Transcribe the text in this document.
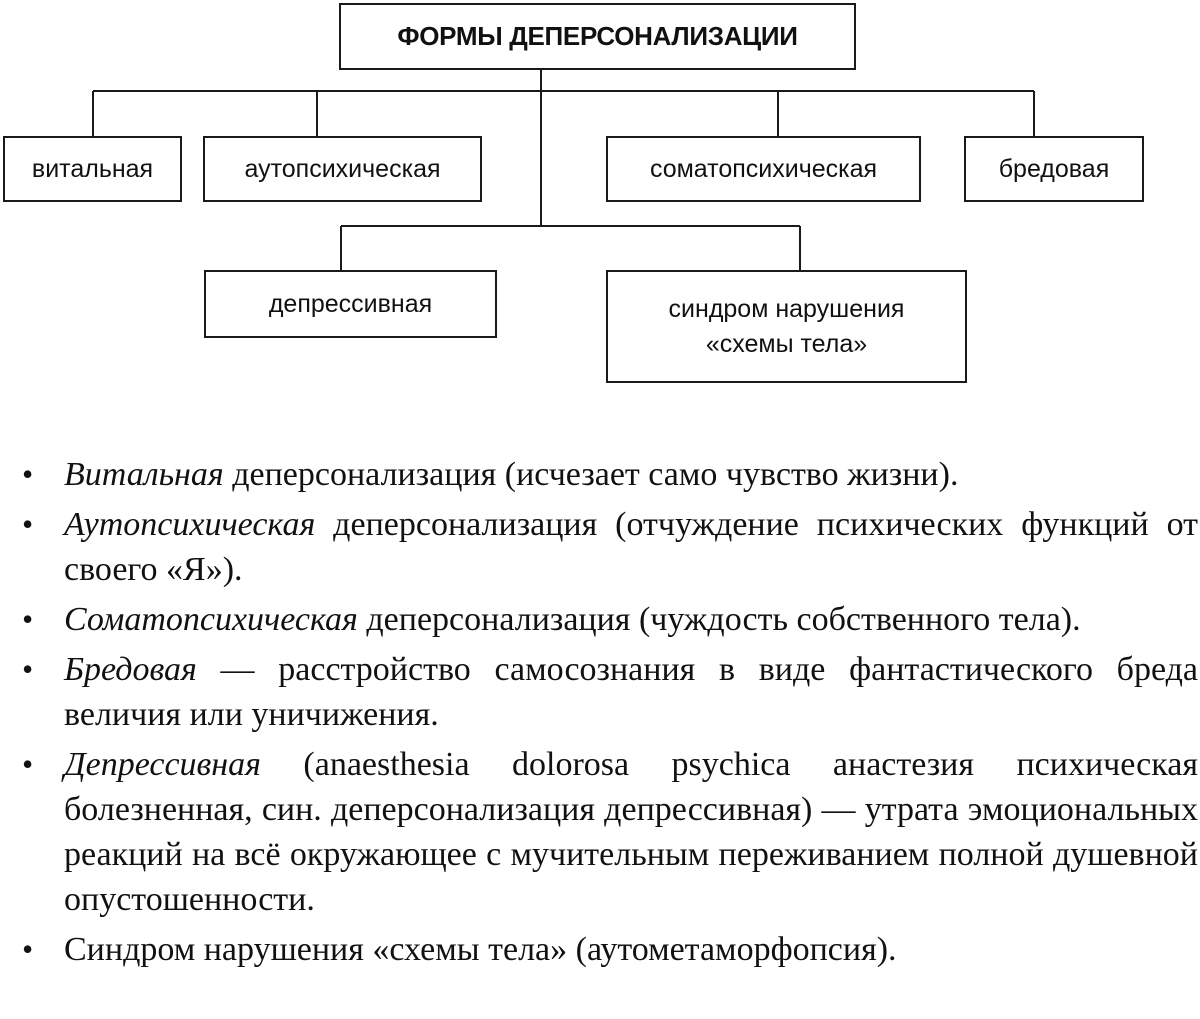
ФОРМЫ ДЕПЕРСОНАЛИЗАЦИИ
витальная	аутопсихическая	соматопсихическая	бредовая
депрессивная	синдром нарушения
«схемы тела»
• Витальная деперсонализация (исчезает само чувство жизни).
• Аутопсихическая деперсонализация (отчуждение психических функций от своего «Я»).
• Соматопсихическая деперсонализация (чуждость собственного тела).
• Бредовая — расстройство самосознания в виде фантастического бреда величия или уничижения.
• Депрессивная (anaesthesia dolorosa psychica анастезия психическая болезненная, син. деперсонализация депрессивная) — утрата эмоциональных реакций на всё окружающее с мучительным переживанием полной душевной опустошенности.
• Синдром нарушения «схемы тела» (аутометаморфопсия).
